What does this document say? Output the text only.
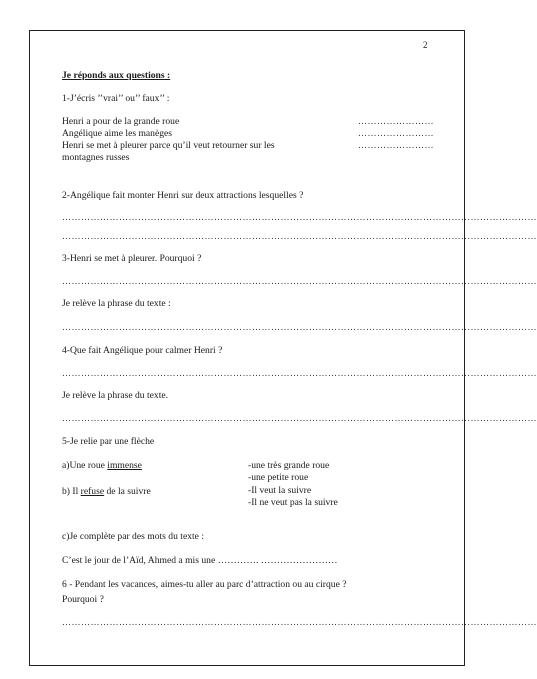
2
Je réponds aux questions :
1-J’écris ’’vrai’’ ou’’ faux’’ :
Henri a pour de la grande roue
Angélique aime les manèges
Henri se met à pleurer parce qu’il veut retourner sur les
montagnes russes
……………………
……………………
……………………
2-Angélique fait monter Henri sur deux attractions lesquelles ?
……………………………………………………………………………………………………………………………………
……………………………………………………………………………………………………………………………………
3-Henri se met à pleurer. Pourquoi ?
……………………………………………………………………………………………………………………………………
Je relève la phrase du texte :
……………………………………………………………………………………………………………………………………
4-Que fait Angélique pour calmer Henri ?
……………………………………………………………………………………………………………………………………
Je relève la phrase du texte.
……………………………………………………………………………………………………………………………………
5-Je relie par une flèche
a)Une roue immense
b) Il refuse de la suivre
-une très grande roue
-une petite roue
-Il veut la suivre
-Il ne veut pas la suivre
c)Je complète par des mots du texte :
C’est le jour de l’Aïd, Ahmed a mis une …………. ……………………
6 - Pendant les vacances, aimes-tu aller au parc d’attraction ou au cirque ?
Pourquoi ?
……………………………………………………………………………………………………………………………………
